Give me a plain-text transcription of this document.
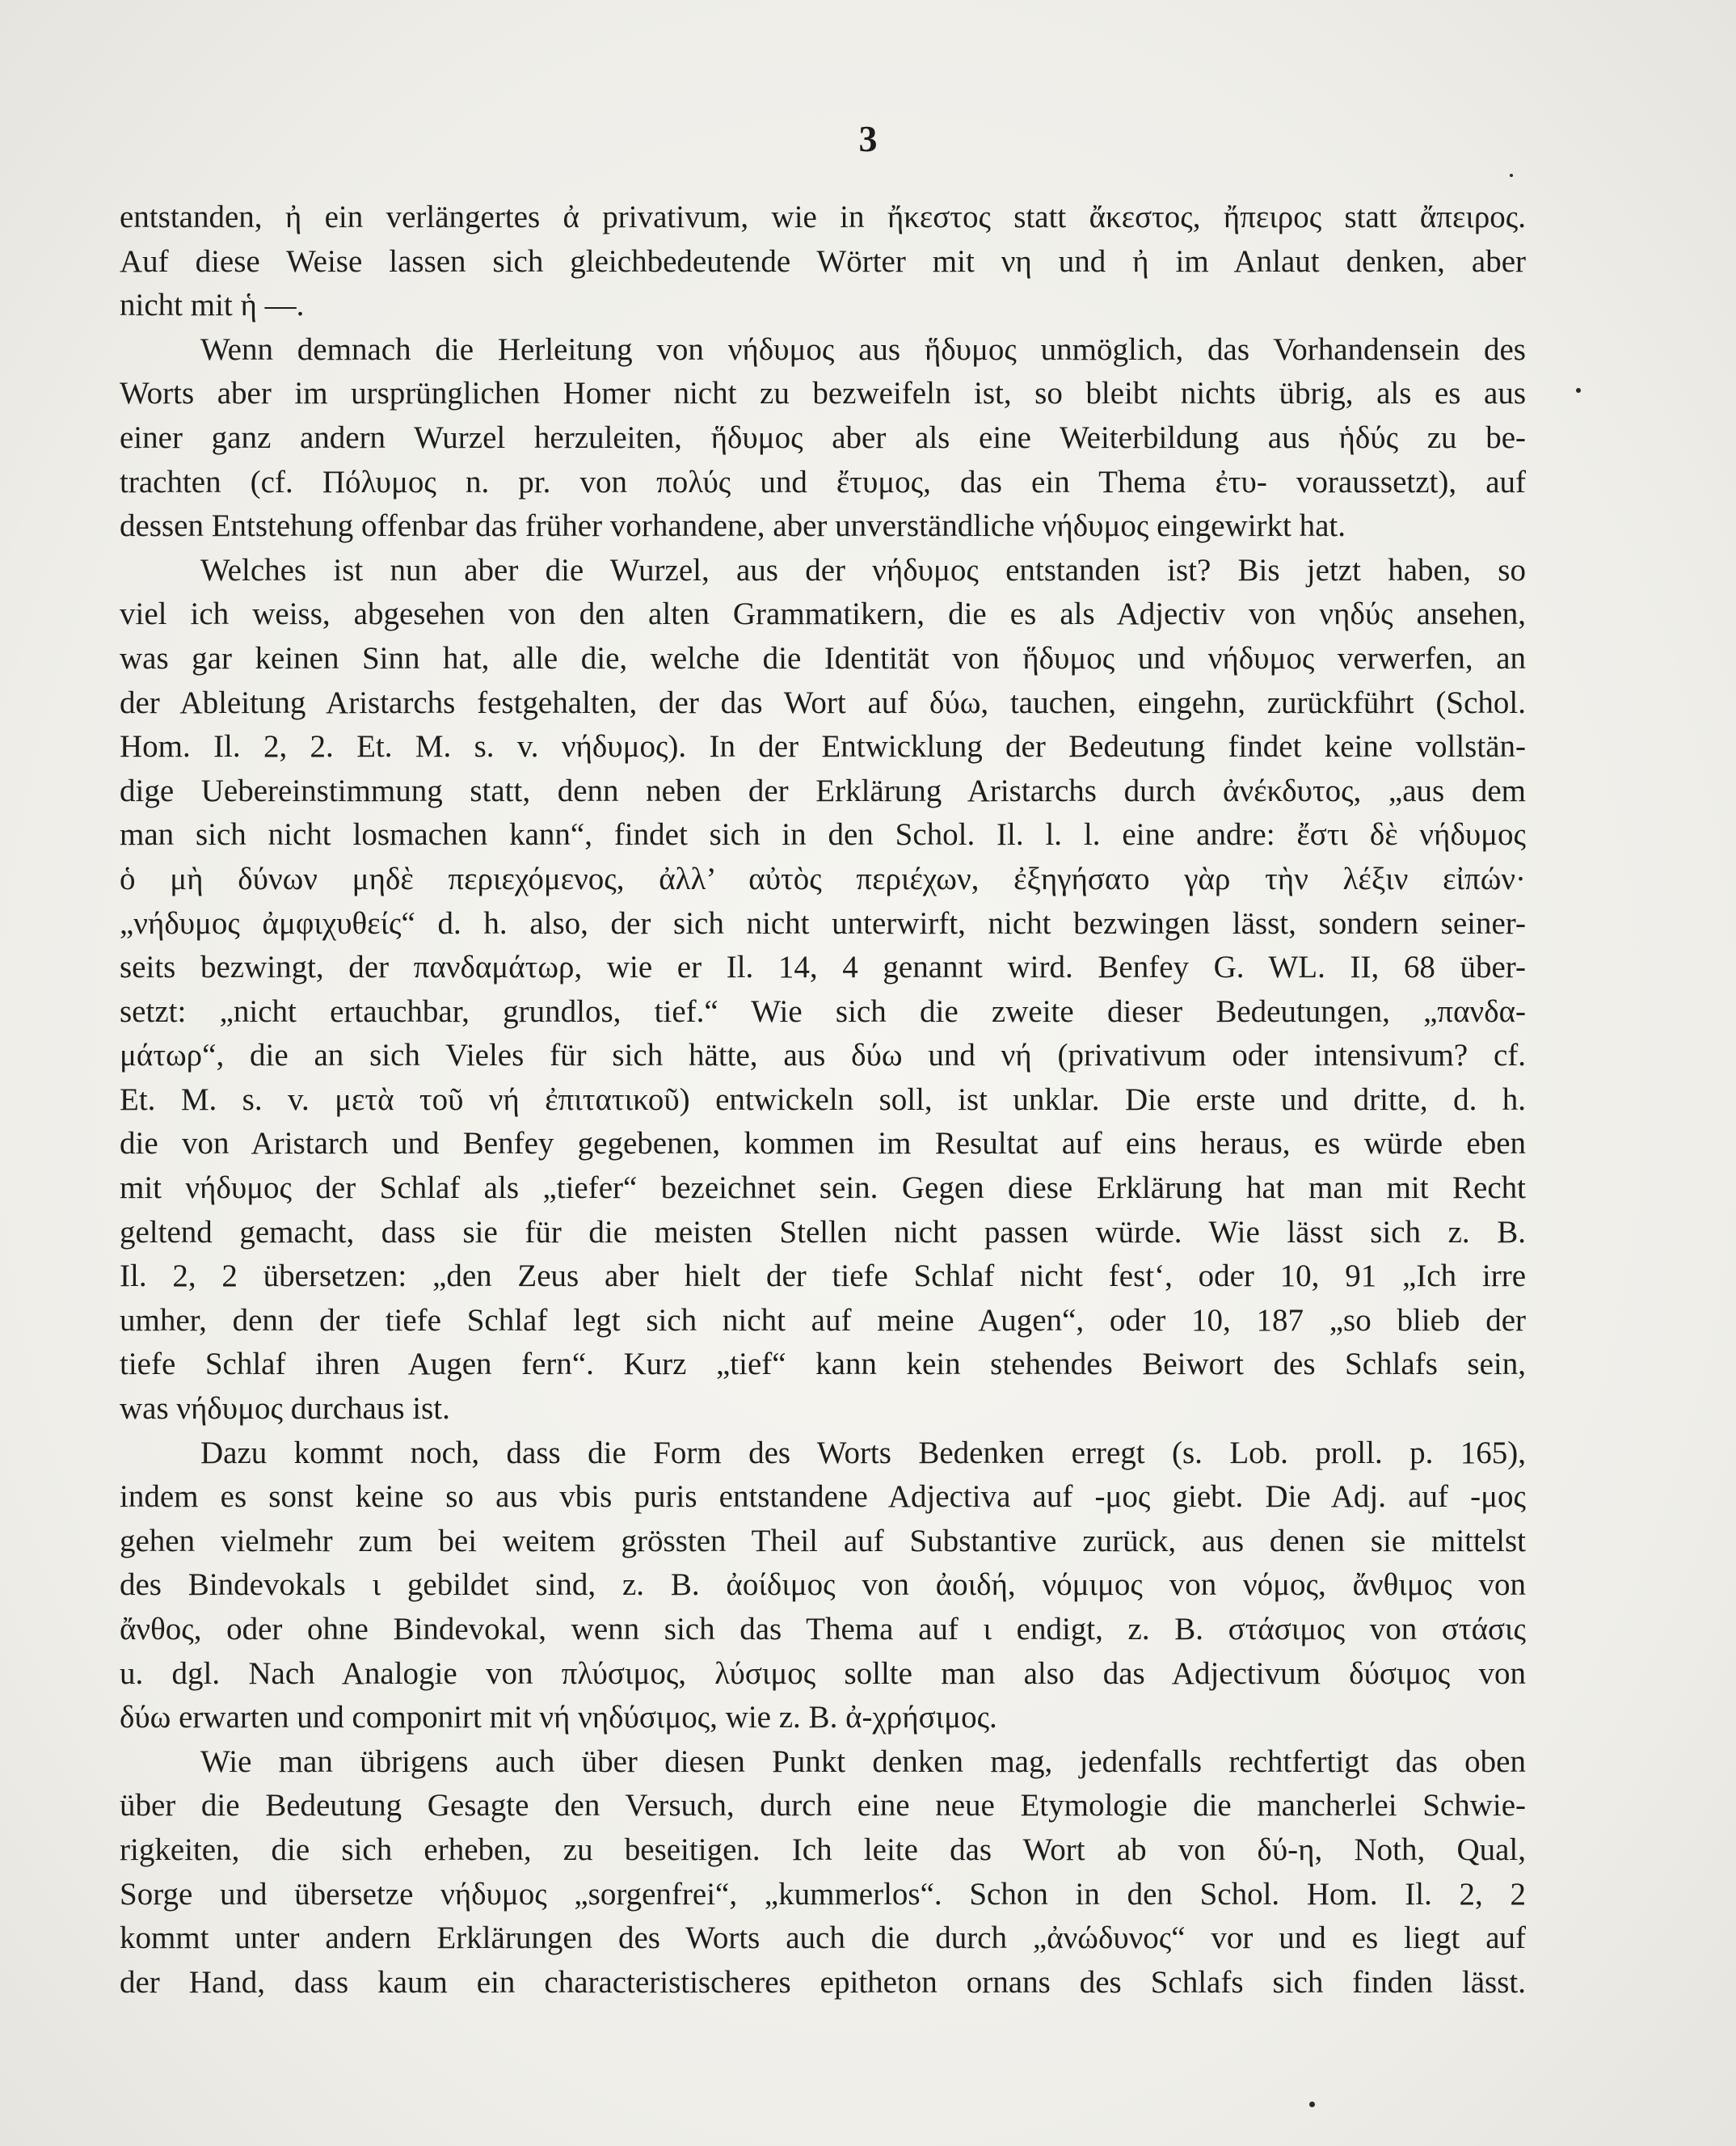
3

entstanden, ἠ ein verlängertes ἀ privativum, wie in ἤκεστος statt ἄκεστος, ἤπειρος statt ἄπειρος.

Auf diese Weise lassen sich gleichbedeutende Wörter mit νη und ἠ im Anlaut denken, aber

nicht mit ἡ —.

Wenn demnach die Herleitung von νήδυμος aus ἥδυμος unmöglich, das Vorhandensein des

Worts aber im ursprünglichen Homer nicht zu bezweifeln ist, so bleibt nichts übrig, als es aus

einer ganz andern Wurzel herzuleiten, ἥδυμος aber als eine Weiterbildung aus ἡδύς zu be-

trachten (cf. Πόλυμος n. pr. von πολύς und ἔτυμος, das ein Thema ἐτυ- voraussetzt), auf

dessen Entstehung offenbar das früher vorhandene, aber unverständliche νήδυμος eingewirkt hat.

Welches ist nun aber die Wurzel, aus der νήδυμος entstanden ist? Bis jetzt haben, so

viel ich weiss, abgesehen von den alten Grammatikern, die es als Adjectiv von νηδύς ansehen,

was gar keinen Sinn hat, alle die, welche die Identität von ἥδυμος und νήδυμος verwerfen, an

der Ableitung Aristarchs festgehalten, der das Wort auf δύω, tauchen, eingehn, zurückführt (Schol.

Hom. Il. 2, 2. Et. M. s. v. νήδυμος). In der Entwicklung der Bedeutung findet keine vollstän-

dige Uebereinstimmung statt, denn neben der Erklärung Aristarchs durch ἀνέκδυτος, „aus dem

man sich nicht losmachen kann“, findet sich in den Schol. Il. l. l. eine andre: ἔστι δὲ νήδυμος

ὁ μὴ δύνων μηδὲ περιεχόμενος, ἀλλ’ αὐτὸς περιέχων, ἐξηγήσατο γὰρ τὴν λέξιν εἰπών·

„νήδυμος ἀμφιχυθείς“ d. h. also, der sich nicht unterwirft, nicht bezwingen lässt, sondern seiner-

seits bezwingt, der πανδαμάτωρ, wie er Il. 14, 4 genannt wird. Benfey G. WL. II, 68 über-

setzt: „nicht ertauchbar, grundlos, tief.“ Wie sich die zweite dieser Bedeutungen, „πανδα-

μάτωρ“, die an sich Vieles für sich hätte, aus δύω und νή (privativum oder intensivum? cf.

Et. M. s. v. μετὰ τοῦ νή ἐπιτατικοῦ) entwickeln soll, ist unklar. Die erste und dritte, d. h.

die von Aristarch und Benfey gegebenen, kommen im Resultat auf eins heraus, es würde eben

mit νήδυμος der Schlaf als „tiefer“ bezeichnet sein. Gegen diese Erklärung hat man mit Recht

geltend gemacht, dass sie für die meisten Stellen nicht passen würde. Wie lässt sich z. B.

Il. 2, 2 übersetzen: „den Zeus aber hielt der tiefe Schlaf nicht fest‘, oder 10, 91 „Ich irre

umher, denn der tiefe Schlaf legt sich nicht auf meine Augen“, oder 10, 187 „so blieb der

tiefe Schlaf ihren Augen fern“. Kurz „tief“ kann kein stehendes Beiwort des Schlafs sein,

was νήδυμος durchaus ist.

Dazu kommt noch, dass die Form des Worts Bedenken erregt (s. Lob. proll. p. 165),

indem es sonst keine so aus vbis puris entstandene Adjectiva auf -μος giebt. Die Adj. auf -μος

gehen vielmehr zum bei weitem grössten Theil auf Substantive zurück, aus denen sie mittelst

des Bindevokals ι gebildet sind, z. B. ἀοίδιμος von ἀοιδή, νόμιμος von νόμος, ἄνθιμος von

ἄνθος, oder ohne Bindevokal, wenn sich das Thema auf ι endigt, z. B. στάσιμος von στάσις

u. dgl. Nach Analogie von πλύσιμος, λύσιμος sollte man also das Adjectivum δύσιμος von

δύω erwarten und componirt mit νή νηδύσιμος, wie z. B. ἀ-χρήσιμος.

Wie man übrigens auch über diesen Punkt denken mag, jedenfalls rechtfertigt das oben

über die Bedeutung Gesagte den Versuch, durch eine neue Etymologie die mancherlei Schwie-

rigkeiten, die sich erheben, zu beseitigen. Ich leite das Wort ab von δύ-η, Noth, Qual,

Sorge und übersetze νήδυμος „sorgenfrei“, „kummerlos“. Schon in den Schol. Hom. Il. 2, 2

kommt unter andern Erklärungen des Worts auch die durch „ἀνώδυνος“ vor und es liegt auf

der Hand, dass kaum ein characteristischeres epitheton ornans des Schlafs sich finden lässt.
